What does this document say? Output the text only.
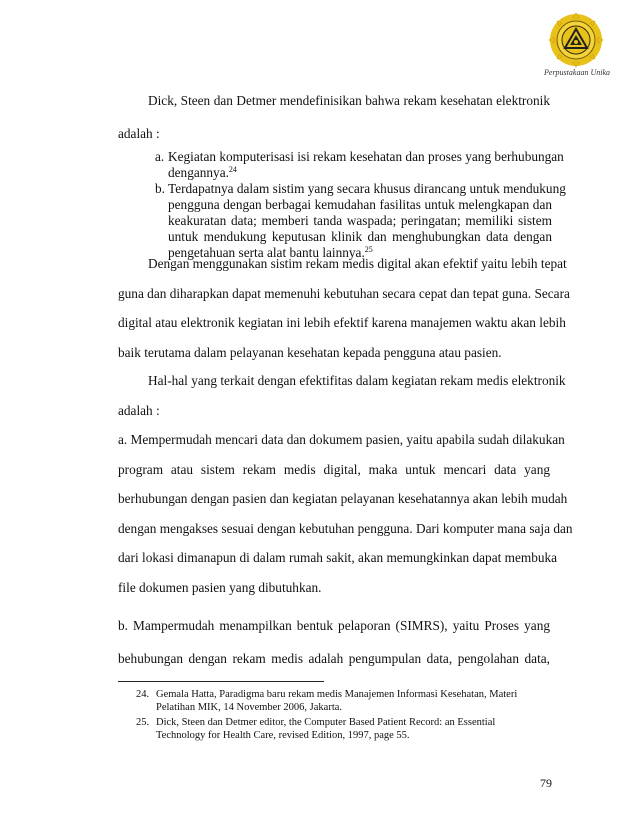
Perpustakaan Unika
Dick, Steen dan Detmer mendefinisikan bahwa rekam kesehatan elektronik
adalah :
a. Kegiatan komputerisasi isi rekam kesehatan dan proses yang berhubungan
dengannya.$^{24}$
b. Terdapatnya dalam sistim yang secara khusus dirancang untuk mendukung
pengguna dengan berbagai kemudahan fasilitas untuk melengkapan dan
keakuratan data; memberi tanda waspada; peringatan; memiliki sistem
untuk mendukung keputusan klinik dan menghubungkan data dengan
pengetahuan serta alat bantu lainnya.$^{25}$
Dengan menggunakan sistim rekam medis digital akan efektif yaitu lebih tepat
guna dan diharapkan dapat memenuhi kebutuhan secara cepat dan tepat guna. Secara
digital atau elektronik kegiatan ini lebih efektif karena manajemen waktu akan lebih
baik terutama dalam pelayanan kesehatan kepada pengguna atau pasien.
Hal-hal yang terkait dengan efektifitas dalam kegiatan rekam medis elektronik
adalah :
a. Mempermudah mencari data dan dokumem pasien, yaitu apabila sudah dilakukan
program atau sistem rekam medis digital, maka untuk mencari data yang
berhubungan dengan pasien dan kegiatan pelayanan kesehatannya akan lebih mudah
dengan mengakses sesuai dengan kebutuhan pengguna. Dari komputer mana saja dan
dari lokasi dimanapun di dalam rumah sakit, akan memungkinkan dapat membuka
file dokumen pasien yang dibutuhkan.
b. Mampermudah menampilkan bentuk pelaporan (SIMRS), yaitu Proses yang
behubungan dengan rekam medis adalah pengumpulan data, pengolahan data,
24. Gemala Hatta, Paradigma baru rekam medis Manajemen Informasi Kesehatan, Materi
Pelatihan MIK, 14 November 2006, Jakarta.
25. Dick, Steen dan Detmer editor, the Computer Based Patient Record: an Essential
Technology for Health Care, revised Edition, 1997, page 55.
79
